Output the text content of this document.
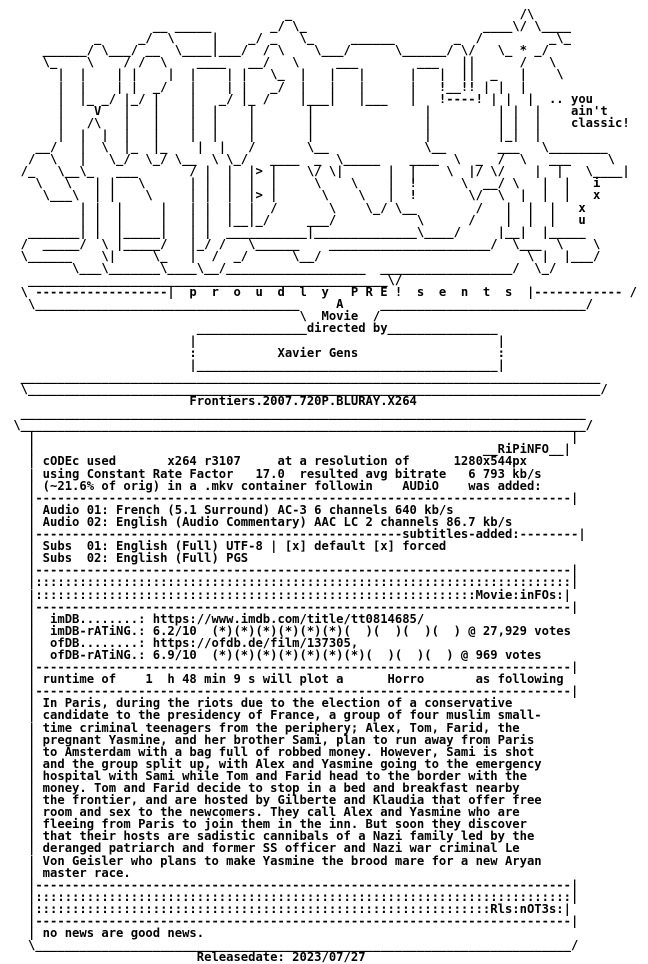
_                               /\
__ _____        _/ \_                        ____\/ \____
_     _/  \     |    _/ _   \_     ______        _  /         _\_
______/ \___/ __  \____|___/  / \    \___/      \______/ \/   \_ * _/
\_    \    / /  \    ____   __/   \     ___        ___   ||      /   \
|  |    | |    |  |    | |   \_  |   |   |      |   |  ||  _   |    \
|  |    | |  _/   |    | |   _/  |   |   |      |   !__!! | |  |
|  |_ _/ |_/ |    |   _/ |_ /    |___|   |___   |   !----! | |  |  .. you
|    V   |   |    |  |    |       |               |         | |  |    ain't
|   /\   |   |    |  |    |       |               |         | |  |    classic!
|  |  |  |   |    |  |    |       |               |         |_|  |
__/   |  \  |_  |_    |  |   /       \__             \__       ___   \________
/  \   |   \_/  \_/ \__  \ \_/   ____  _  \_____    ____  \  _  /  \   ___     \
/_   \__\_   ___       / |  |  |> |    \/ \|      |  |    \  |/ \/    |  |   \____|
\   \   | |   \      | |  |  |  |     \    \    |  !      \  __/ \   |  |   i
\___\  | |    \     | |  |  |> |      \    \   |  !       \/  \  |  |  |   x
| |  |     |   | |  |  |  /       \    \_/ \__        /   |  |  |   x
| |  |     |   | |  |__|_/     ___/           \      /    |  |  |   u
_______| |  |_____|   | |  ___________|______________\____/     |__|  |_____
/  _____/  \ |_____/   |_/ /   \______    ______________________/  \___  \    \
\______    \|     \_   |  /  _/      \__/                            \ |  |___/
\___\_______\____\__/___________________  __________________/  \_/
_________________________________________________\/
\ ------------------|  p  r  o  u  d  l  y   P R E !  s  e  n  t  s  |------------ /
\____________________________________     A     ____________________________/
\  Movie  /
_______________directed by_______________
|                                         |
:           Xavier Gens                   :
|_________________________________________|
_______________________________________________________________________________
\______________________________________________________________________________/
Frontiers.2007.720P.BLURAY.X264
_____________________________________________________________________________
\_____________________________________________________________________________/
|                                                                         |
|                                                             __RiPiNFO__|
| cODEc used       x264 r3107     at a resolution of      1280x544px
| using Constant Rate Factor   17.0  resulted avg bitrate   6 793 kb/s
| (~21.6% of orig) in a .mkv container followin    AUDiO    was added:
|-------------------------------------------------------------------------|
| Audio 01: French (5.1 Surround) AC-3 6 channels 640 kb/s
| Audio 02: English (Audio Commentary) AAC LC 2 channels 86.7 kb/s
|--------------------------------------------------subtitles-added:--------|
| Subs  01: English (Full) UTF-8 | [x] default [x] forced
| Subs  02: English (Full) PGS
|-------------------------------------------------------------------------|
|:::::::::::::::::::::::::::::::::::::::::::::::::::::::::::::::::::::::::|
|::::::::::::::::::::::::::::::::::::::::::::::::::::::::::::Movie:inFOs:|
|-------------------------------------------------------------------------|
|  imDB........: https://www.imdb.com/title/tt0814685/
|  imDB-rATiNG.: 6.2/10  (*)(*)(*)(*)(*)(*)(  )(  )(  )(  ) @ 27,929 votes
|  ofDB........: https://ofdb.de/film/137305,
|  ofDB-rATiNG.: 6.9/10  (*)(*)(*)(*)(*)(*)(*)(  )(  )(  ) @ 969 votes
|-------------------------------------------------------------------------|
| runtime of    1  h 48 min 9 s will plot a      Horro       as following
|-------------------------------------------------------------------------|
| In Paris, during the riots due to the election of a conservative
| candidate to the presidency of France, a group of four muslim small-
| time criminal teenagers from the periphery; Alex, Tom, Farid, the
| pregnant Yasmine, and her brother Sami, plan to run away from Paris
| to Amsterdam with a bag full of robbed money. However, Sami is shot
| and the group split up, with Alex and Yasmine going to the emergency
| hospital with Sami while Tom and Farid head to the border with the
| money. Tom and Farid decide to stop in a bed and breakfast nearby
| the frontier, and are hosted by Gilberte and Klaudia that offer free
| room and sex to the newcomers. They call Alex and Yasmine who are
| fleeing from Paris to join them in the inn. But soon they discover
| that their hosts are sadistic cannibals of a Nazi family led by the
| deranged patriarch and former SS officer and Nazi war criminal Le
| Von Geisler who plans to make Yasmine the brood mare for a new Aryan
| master race.
|-------------------------------------------------------------------------|
|:::::::::::::::::::::::::::::::::::::::::::::::::::::::::::::::::::::::::|
|::::::::::::::::::::::::::::::::::::::::::::::::::::::::::::::Rls:nOT3s:|
|-------------------------------------------------------------------------|
| no news are good news.
\_________________________________________________________________________/
Releasedate: 2023/07/27
